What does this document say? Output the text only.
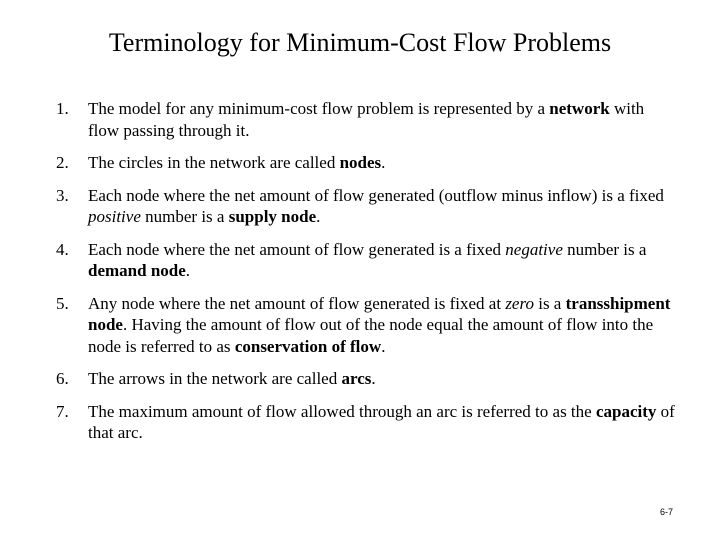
Terminology for Minimum-Cost Flow Problems
1. The model for any minimum-cost flow problem is represented by a network with flow passing through it.
2. The circles in the network are called nodes.
3. Each node where the net amount of flow generated (outflow minus inflow) is a fixed positive number is a supply node.
4. Each node where the net amount of flow generated is a fixed negative number is a demand node.
5. Any node where the net amount of flow generated is fixed at zero is a transshipment node. Having the amount of flow out of the node equal the amount of flow into the node is referred to as conservation of flow.
6. The arrows in the network are called arcs.
7. The maximum amount of flow allowed through an arc is referred to as the capacity of that arc.
6-7
